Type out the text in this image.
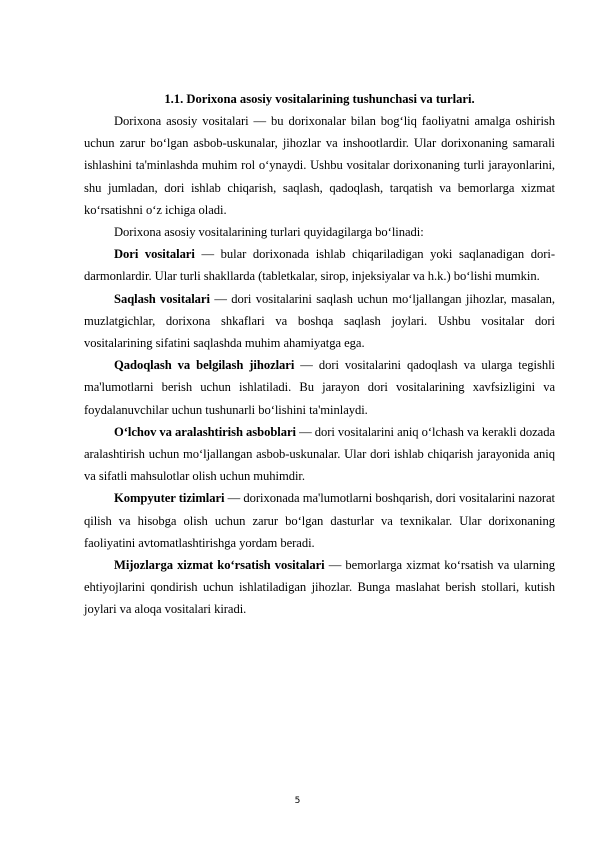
1.1. Dorixona asosiy vositalarining tushunchasi va turlari.

Dorixona asosiy vositalari — bu dorixonalar bilan bog‘liq faoliyatni amalga oshirish uchun zarur bo‘lgan asbob-uskunalar, jihozlar va inshootlardir. Ular dorixonaning samarali ishlashini ta'minlashda muhim rol o‘ynaydi. Ushbu vositalar dorixonaning turli jarayonlarini, shu jumladan, dori ishlab chiqarish, saqlash, qadoqlash, tarqatish va bemorlarga xizmat ko‘rsatishni o‘z ichiga oladi.

Dorixona asosiy vositalarining turlari quyidagilarga bo‘linadi:

Dori vositalari — bular dorixonada ishlab chiqariladigan yoki saqlanadigan dori-darmonlardir. Ular turli shakllarda (tabletkalar, sirop, injeksiyalar va h.k.) bo‘lishi mumkin.

Saqlash vositalari — dori vositalarini saqlash uchun mo‘ljallangan jihozlar, masalan, muzlatgichlar, dorixona shkaflari va boshqa saqlash joylari. Ushbu vositalar dori vositalarining sifatini saqlashda muhim ahamiyatga ega.

Qadoqlash va belgilash jihozlari — dori vositalarini qadoqlash va ularga tegishli ma'lumotlarni berish uchun ishlatiladi. Bu jarayon dori vositalarining xavfsizligini va foydalanuvchilar uchun tushunarli bo‘lishini ta'minlaydi.

O‘lchov va aralashtirish asboblari — dori vositalarini aniq o‘lchash va kerakli dozada aralashtirish uchun mo‘ljallangan asbob-uskunalar. Ular dori ishlab chiqarish jarayonida aniq va sifatli mahsulotlar olish uchun muhimdir.

Kompyuter tizimlari — dorixonada ma'lumotlarni boshqarish, dori vositalarini nazorat qilish va hisobga olish uchun zarur bo‘lgan dasturlar va texnikalar. Ular dorixonaning faoliyatini avtomatlashtirishga yordam beradi.

Mijozlarga xizmat ko‘rsatish vositalari — bemorlarga xizmat ko‘rsatish va ularning ehtiyojlarini qondirish uchun ishlatiladigan jihozlar. Bunga maslahat berish stollari, kutish joylari va aloqa vositalari kiradi.

5
